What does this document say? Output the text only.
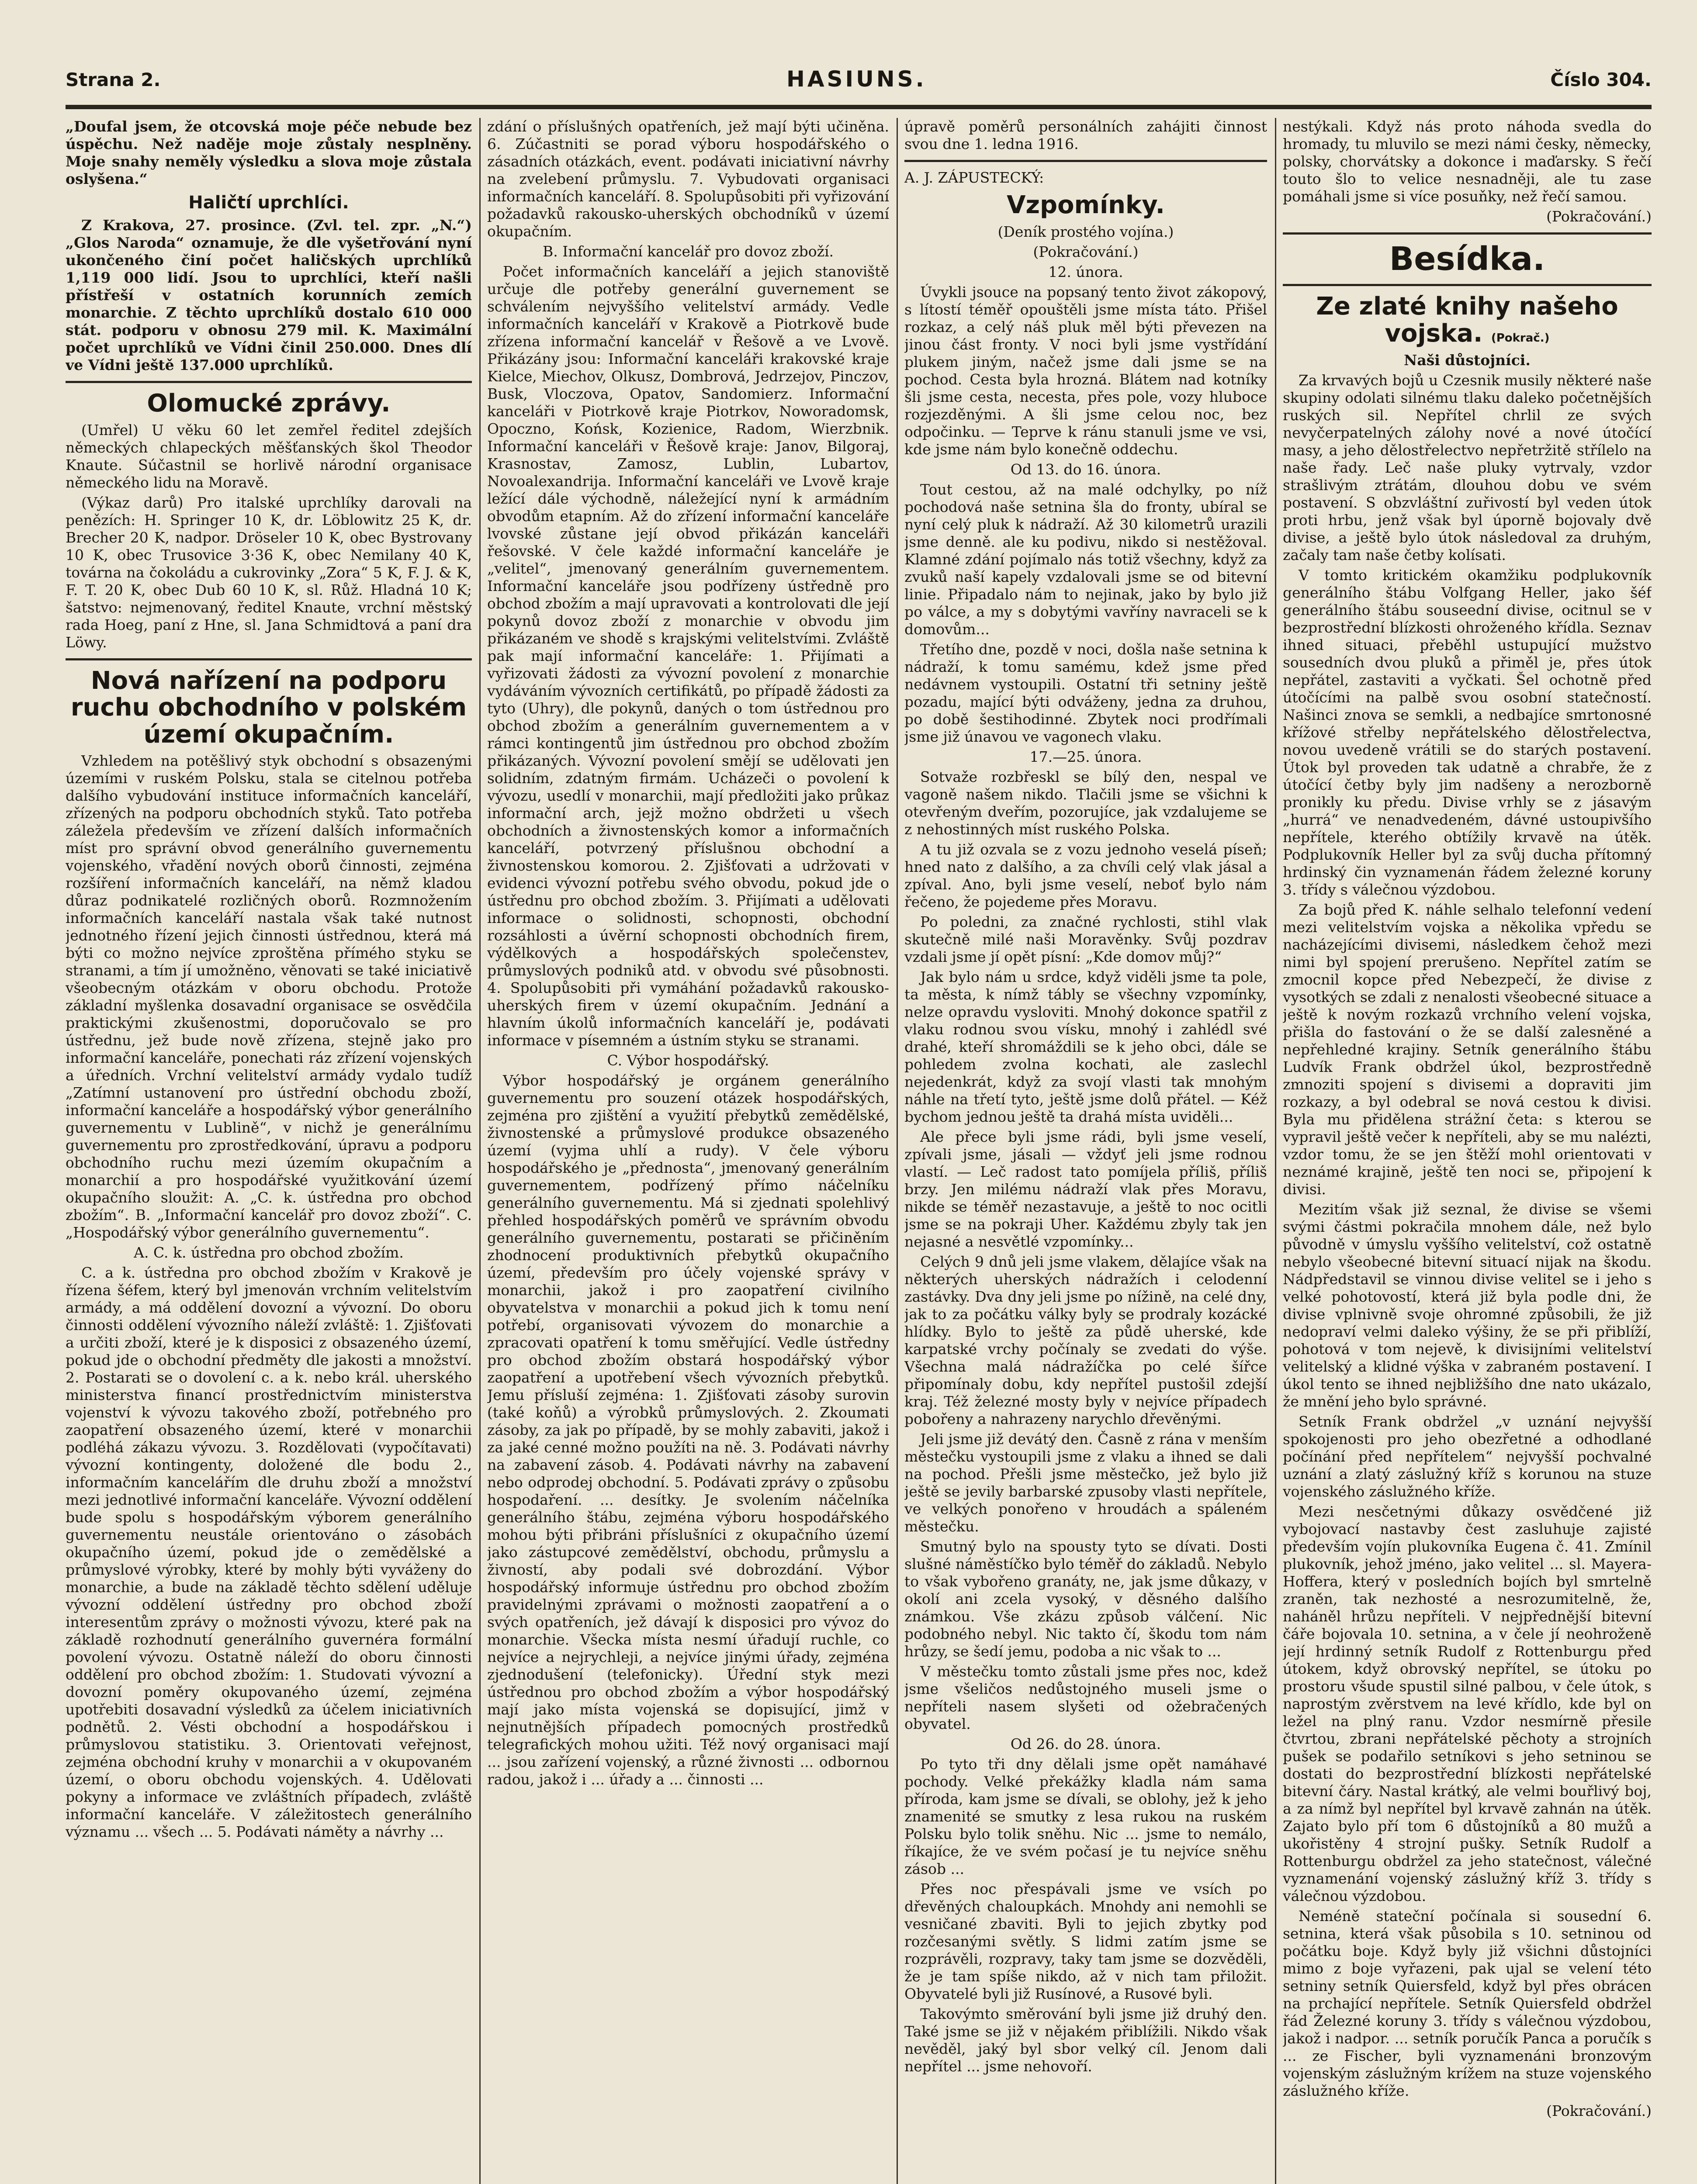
Strana 2.	HASIUNS.	Číslo 304.

„Doufal jsem, že otcovská moje péče nebude bez úspěchu. Než naděje moje zůstaly nesplněny. Moje snahy neměly výsledku a slova moje zůstala oslyšena.“

Haličtí uprchlíci.

Z Krakova, 27. prosince. (Zvl. tel. zpr. „N.“) „Glos Naroda“ oznamuje, že dle vyšetřování nyní ukončeného činí počet haličských uprchlíků 1,119 000 lidí. Jsou to uprchlíci, kteří našli přístřeší v ostatních korunních zemích monarchie. Z těchto uprchlíků dostalo 610 000 stát. podporu v obnosu 279 mil. K. Maximální počet uprchlíků ve Vídni činil 250.000. Dnes dlí ve Vídni ještě 137.000 uprchlíků.

Olomucké zprávy.

(Umřel) U věku 60 let zemřel ředitel zdejších německých chlapeckých měšťanských škol Theodor Knaute. Súčastnil se horlivě národní organisace německého lidu na Moravě.

(Výkaz darů) Pro italské uprchlíky darovali na penězích: H. Springer 10 K, dr. Löblowitz 25 K, dr. Brecher 20 K, nadpor. Dröseler 10 K, obec Bystrovany 10 K, obec Trusovice 3·36 K, obec Nemilany 40 K, továrna na čokoládu a cukrovinky „Zora“ 5 K, F. J. & K, F. T. 20 K, obec Dub 60 10 K, sl. Růž. Hladná 10 K; šatstvo: nejmenovaný, ředitel Knaute, vrchní městský rada Hoeg, paní z Hne, sl. Jana Schmidtová a paní dra Löwy.

Nová nařízení na podporu ruchu obchodního v polském území okupačním.

Vzhledem na potěšlivý styk obchodní s obsazenými územími v ruském Polsku, stala se citelnou potřeba dalšího vybudování instituce informačních kanceláří, zřízených na podporu obchodních styků. Tato potřeba záležela především ve zřízení dalších informačních míst pro správní obvod generálního guvernementu vojenského, vřadění nových oborů činnosti, zejména rozšíření informačních kanceláří, na němž kladou důraz podnikatelé rozličných oborů. Rozmnožením informačních kanceláří nastala však také nutnost jednotného řízení jejich činnosti ústřednou, která má býti co možno nejvíce zproštěna přímého styku se stranami, a tím jí umožněno, věnovati se také iniciativě všeobecným otázkám v oboru obchodu. Protože základní myšlenka dosavadní organisace se osvědčila praktickými zkušenostmi, doporučovalo se pro ústřednu, jež bude nově zřízena, stejně jako pro informační kanceláře, ponechati ráz zřízení vojenských a úředních. Vrchní velitelství armády vydalo tudíž „Zatímní ustanovení pro ústřední obchodu zboží, informační kanceláře a hospodářský výbor generálního guvernementu v Lublině“, v nichž je generálnímu guvernementu pro zprostředkování, úpravu a podporu obchodního ruchu mezi územím okupačním a monarchií a pro hospodářské využitkování území okupačního sloužit: A. „C. k. ústředna pro obchod zbožím“. B. „Informační kancelář pro dovoz zboží“. C. „Hospodářský výbor generálního guvernementu“.

A. C. k. ústředna pro obchod zbožím.

C. a k. ústředna pro obchod zbožím v Krakově je řízena šéfem, který byl jmenován vrchním velitelstvím armády, a má oddělení dovozní a vývozní. Do oboru činnosti oddělení vývozního náleží zvláště: 1. Zjišťovati a určiti zboží, které je k disposici z obsazeného území, pokud jde o obchodní předměty dle jakosti a množství. 2. Postarati se o dovolení c. a k. nebo král. uherského ministerstva financí prostřednictvím ministerstva vojenství k vývozu takového zboží, potřebného pro zaopatření obsazeného území, které v monarchii podléhá zákazu vývozu. 3. Rozdělovati (vypočítavati) vývozní kontingenty, doložené dle bodu 2., informačním kancelářím dle druhu zboží a množství mezi jednotlivé informační kanceláře. Vývozní oddělení bude spolu s hospodářským výborem generálního guvernementu neustále orientováno o zásobách okupačního území, pokud jde o zemědělské a průmyslové výrobky, které by mohly býti vyváženy do monarchie, a bude na základě těchto sdělení uděluje vývozní oddělení ústředny pro obchod zboží interesentům zprávy o možnosti vývozu, které pak na základě rozhodnutí generálního guvernéra formální povolení vývozu. Ostatně náleží do oboru činnosti oddělení pro obchod zbožím: 1. Studovati vývozní a dovozní poměry okupovaného území, zejména upotřebiti dosavadní výsledků za účelem iniciativních podnětů. 2. Vésti obchodní a hospodářskou i průmyslovou statistiku. 3. Orientovati veřejnost, zejména obchodní kruhy v monarchii a v okupovaném území, o oboru obchodu vojenských. 4. Udělovati pokyny a informace ve zvláštních případech, zvláště informační kanceláře. V záležitostech generálního významu ... všech ... 5. Podávati náměty a návrhy ...

zdání o příslušných opatřeních, jež mají býti učiněna. 6. Zúčastniti se porad výboru hospodářského o zásadních otázkách, event. podávati iniciativní návrhy na zvelebení průmyslu. 7. Vybudovati organisaci informačních kanceláří. 8. Spolupůsobiti při vyřizování požadavků rakousko-uherských obchodníků v území okupačním.

B. Informační kancelář pro dovoz zboží.

Počet informačních kanceláří a jejich stanoviště určuje dle potřeby generální guvernement se schválením nejvyššího velitelství armády. Vedle informačních kanceláří v Krakově a Piotrkově bude zřízena informační kancelář v Řešově a ve Lvově. Přikázány jsou: Informační kanceláři krakovské kraje Kielce, Miechov, Olkusz, Dombrová, Jedrzejov, Pinczov, Busk, Vloczova, Opatov, Sandomierz. Informační kanceláři v Piotrkově kraje Piotrkov, Noworadomsk, Opoczno, Końsk, Kozienice, Radom, Wierzbnik. Informační kanceláři v Řešově kraje: Janov, Bilgoraj, Krasnostav, Zamosz, Lublin, Lubartov, Novoalexandrija. Informační kanceláři ve Lvově kraje ležící dále východně, náležející nyní k armádním obvodům etapním. Až do zřízení informační kanceláře lvovské zůstane její obvod přikázán kanceláři řešovské. V čele každé informační kanceláře je „velitel“, jmenovaný generálním guvernementem. Informační kanceláře jsou podřízeny ústředně pro obchod zbožím a mají upravovati a kontrolovati dle její pokynů dovoz zboží z monarchie v obvodu jim přikázaném ve shodě s krajskými velitelstvími. Zvláště pak mají informační kanceláře: 1. Přijímati a vyřizovati žádosti za vývozní povolení z monarchie vydáváním vývozních certifikátů, po případě žádosti za tyto (Uhry), dle pokynů, daných o tom ústřednou pro obchod zbožím a generálním guvernementem a v rámci kontingentů jim ústřednou pro obchod zbožím přikázaných. Vývozní povolení smějí se udělovati jen solidním, zdatným firmám. Ucházeči o povolení k vývozu, usedlí v monarchii, mají předložiti jako průkaz informační arch, jejž možno obdržeti u všech obchodních a živnostenských komor a informačních kanceláří, potvrzený příslušnou obchodní a živnostenskou komorou. 2. Zjišťovati a udržovati v evidenci vývozní potřebu svého obvodu, pokud jde o ústřednu pro obchod zbožím. 3. Přijímati a udělovati informace o solidnosti, schopnosti, obchodní rozsáhlosti a úvěrní schopnosti obchodních firem, výdělkových a hospodářských společenstev, průmyslových podniků atd. v obvodu své působnosti. 4. Spolupůsobiti při vymáhání požadavků rakousko-uherských firem v území okupačním. Jednání a hlavním úkolů informačních kanceláří je, podávati informace v písemném a ústním styku se stranami.

C. Výbor hospodářský.

Výbor hospodářský je orgánem generálního guvernementu pro souzení otázek hospodářských, zejména pro zjištění a využití přebytků zemědělské, živnostenské a průmyslové produkce obsazeného území (vyjma uhlí a rudy). V čele výboru hospodářského je „přednosta“, jmenovaný generálním guvernementem, podřízený přímo náčelníku generálního guvernementu. Má si zjednati spolehlivý přehled hospodářských poměrů ve správním obvodu generálního guvernementu, postarati se přičiněním zhodnocení produktivních přebytků okupačního území, především pro účely vojenské správy v monarchii, jakož i pro zaopatření civilního obyvatelstva v monarchii a pokud jich k tomu není potřebí, organisovati vývozem do monarchie a zpracovati opatření k tomu směřující. Vedle ústředny pro obchod zbožím obstará hospodářský výbor zaopatření a upotřebení všech vývozních přebytků. Jemu přísluší zejména: 1. Zjišťovati zásoby surovin (také koňů) a výrobků průmyslových. 2. Zkoumati zásoby, za jak po případě, by se mohly zabaviti, jakož i za jaké cenné možno použíti na ně. 3. Podávati návrhy na zabavení zásob. 4. Podávati návrhy na zabavení nebo odprodej obchodní. 5. Podávati zprávy o způsobu hospodaření. ... desítky. Je svolením náčelníka generálního štábu, zejména výboru hospodářského mohou býti přibráni příslušníci z okupačního území jako zástupcové zemědělství, obchodu, průmyslu a živností, aby podali své dobrozdání. Výbor hospodářský informuje ústřednu pro obchod zbožím pravidelnými zprávami o možnosti zaopatření a o svých opatřeních, jež dávají k disposici pro vývoz do monarchie. Všecka místa nesmí úřadují ruchle, co nejvíce a nejrychleji, a nejvíce jinými úřady, zejména zjednodušení (telefonicky). Úřední styk mezi ústřednou pro obchod zbožím a výbor hospodářský mají jako místa vojenská se dopisující, jimž v nejnutnějších případech pomocných prostředků telegrafických mohou užiti. Též nový organisaci mají ... jsou zařízení vojenský, a různé živnosti ... odbornou radou, jakož i ... úřady a ... činnosti ...

úpravě poměrů personálních zahájiti činnost svou dne 1. ledna 1916.

A. J. ZÁPUSTECKÝ:

Vzpomínky.

(Deník prostého vojína.)

(Pokračování.)

12. února.

Úvykli jsouce na popsaný tento život zákopový, s lítostí téměř opouštěli jsme místa táto. Přišel rozkaz, a celý náš pluk měl býti převezen na jinou část fronty. V noci byli jsme vystřídání plukem jiným, načež jsme dali jsme se na pochod. Cesta byla hrozná. Blátem nad kotníky šli jsme cesta, necesta, přes pole, vozy hluboce rozjezděnými. A šli jsme celou noc, bez odpočinku. — Teprve k ránu stanuli jsme ve vsi, kde jsme nám bylo konečně oddechu.

Od 13. do 16. února.

Tout cestou, až na malé odchylky, po níž pochodová naše setnina šla do fronty, ubíral se nyní celý pluk k nádraží. Až 30 kilometrů urazili jsme denně. ale ku podivu, nikdo si nestěžoval. Klamné zdání pojímalo nás totiž všechny, když za zvuků naší kapely vzdalovali jsme se od bitevní linie. Připadalo nám to nejinak, jako by bylo již po válce, a my s dobytými vavříny navraceli se k domovům...

Třetího dne, pozdě v noci, došla naše setnina k nádraží, k tomu samému, kdež jsme před nedávnem vystoupili. Ostatní tři setniny ještě pozadu, mající býti odváženy, jedna za druhou, po době šestihodinné. Zbytek noci prodřímali jsme již únavou ve vagonech vlaku.

17.—25. února.

Sotvaže rozbřeskl se bílý den, nespal ve vagoně našem nikdo. Tlačili jsme se všichni k otevřeným dveřím, pozorujíce, jak vzdalujeme se z nehostinných míst ruského Polska.

A tu již ozvala se z vozu jednoho veselá píseň; hned nato z dalšího, a za chvíli celý vlak jásal a zpíval. Ano, byli jsme veselí, neboť bylo nám řečeno, že pojedeme přes Moravu.

Po poledni, za značné rychlosti, stihl vlak skutečně milé naši Moravěnky. Svůj pozdrav vzdali jsme jí opět písní: „Kde domov můj?“

Jak bylo nám u srdce, když viděli jsme ta pole, ta města, k nímž tábly se všechny vzpomínky, nelze opravdu vysloviti. Mnohý dokonce spatřil z vlaku rodnou svou vísku, mnohý i zahlédl své drahé, kteří shromáždili se k jeho obci, dále se pohledem zvolna kochati, ale zaslechl nejedenkrát, když za svojí vlasti tak mnohým náhle na třetí tyto, ještě jsme dolů přátel. — Kéž bychom jednou ještě ta drahá místa uviděli...

Ale přece byli jsme rádi, byli jsme veselí, zpívali jsme, jásali — vždyť jeli jsme rodnou vlastí. — Leč radost tato pomíjela příliš, příliš brzy. Jen milému nádraží vlak přes Moravu, nikde se téměř nezastavuje, a ještě to noc ocitli jsme se na pokraji Uher. Každému zbyly tak jen nejasné a nesvětlé vzpomínky...

Celých 9 dnů jeli jsme vlakem, dělajíce však na některých uherských nádražích i celodenní zastávky. Dva dny jeli jsme po nížině, na celé dny, jak to za počátku války byly se prodraly kozácké hlídky. Bylo to ještě za půdě uherské, kde karpatské vrchy počínaly se zvedati do výše. Všechna malá nádražíčka po celé šířce připomínaly dobu, kdy nepřítel pustošil zdejší kraj. Též železné mosty byly v nejvíce případech pobořeny a nahrazeny narychlo dřevěnými.

Jeli jsme již devátý den. Časně z rána v menším městečku vystoupili jsme z vlaku a ihned se dali na pochod. Přešli jsme městečko, jež bylo již ještě se jevily barbarské zpusoby vlasti nepřítele, ve velkých ponořeno v hroudách a spáleném městečku.

Smutný bylo na spousty tyto se dívati. Dosti slušné náměstíčko bylo téměř do základů. Nebylo to však vybořeno granáty, ne, jak jsme důkazy, v okolí ani zcela vysoký, v děsného dalšího známkou. Vše zkázu způsob válčení. Nic podobného nebyl. Nic takto čí, škodu tom nám hrůzy, se šedí jemu, podoba a nic však to ...

V městečku tomto zůstali jsme přes noc, kdež jsme všeličos nedůstojného museli jsme o nepříteli nasem slyšeti od ožebračených obyvatel.

Od 26. do 28. února.

Po tyto tři dny dělali jsme opět namáhavé pochody. Velké překážky kladla nám sama příroda, kam jsme se dívali, se oblohy, jež k jeho znamenité se smutky z lesa rukou na ruském Polsku bylo tolik sněhu. Nic ... jsme to nemálo, říkajíce, že ve svém počasí je tu nejvíce sněhu zásob ...

Přes noc přespávali jsme ve vsích po dřevěných chaloupkách. Mnohdy ani nemohli se vesničané zbaviti. Byli to jejich zbytky pod rozčesanými světly. S lidmi zatím jsme se rozprávěli, rozpravy, taky tam jsme se dozvěděli, že je tam spíše nikdo, až v nich tam přiložit. Obyvatelé byli již Rusínové, a Rusové byli.

Takovýmto směrování byli jsme již druhý den. Také jsme se již v nějakém přiblížili. Nikdo však nevěděl, jaký byl sbor velký cíl. Jenom dali nepřítel ... jsme nehovoří.

nestýkali. Když nás proto náhoda svedla do hromady, tu mluvilo se mezi námi česky, německy, polsky, chorvátsky a dokonce i maďarsky. S řečí touto šlo to velice nesnadněji, ale tu zase pomáhali jsme si více posuňky, než řečí samou.

(Pokračování.)

Besídka.
Ze zlaté knihy našeho vojska. (Pokrač.)

Naši důstojníci.

Za krvavých bojů u Czesnik musily některé naše skupiny odolati silnému tlaku daleko početnějších ruských sil. Nepřítel chrlil ze svých nevyčerpatelných zálohy nové a nové útočící masy, a jeho dělostřelectvo nepřetržitě střílelo na naše řady. Leč naše pluky vytrvaly, vzdor strašlivým ztrátám, dlouhou dobu ve svém postavení. S obzvláštní zuřivostí byl veden útok proti hrbu, jenž však byl úporně bojovaly dvě divise, a ještě bylo útok následoval za druhým, začaly tam naše četby kolísati.

V tomto kritickém okamžiku podplukovník generálního štábu Volfgang Heller, jako šéf generálního štábu souseední divise, ocitnul se v bezprostřední blízkosti ohroženého křídla. Seznav ihned situaci, přeběhl ustupující mužstvo sousedních dvou pluků a přiměl je, přes útok nepřátel, zastaviti a vyčkati. Šel ochotně před útočícími na palbě svou osobní statečností. Našinci znova se semkli, a nedbajíce smrtonosné křížové střelby nepřátelského dělostřelectva, novou uvedeně vrátili se do starých postavení. Útok byl proveden tak udatně a chrabře, že z útočící četby byly jim nadšeny a nerozborně pronikly ku předu. Divise vrhly se z jásavým „hurrá“ ve nenadvedeném, dávné ustoupivšího nepřítele, kterého obtížily krvavě na útěk. Podplukovník Heller byl za svůj ducha přítomný hrdinský čin vyznamenán řádem železné koruny 3. třídy s válečnou výzdobou.

Za bojů před K. náhle selhalo telefonní vedení mezi velitelstvím vojska a několika vpředu se nacházejícími divisemi, následkem čehož mezi nimi byl spojení prerušeno. Nepřítel zatím se zmocnil kopce před Nebezpečí, že divise z vysotkých se zdali z nenalosti všeobecné situace a ještě k novým rozkazů vrchního velení vojska, přišla do fastování o že se další zalesněné a nepřehledné krajiny. Setník generálního štábu Ludvík Frank obdržel úkol, bezprostředně zmnoziti spojení s divisemi a dopraviti jim rozkazy, a byl odebral se nová cestou k divisi. Byla mu přidělena strážní četa: s kterou se vypravil ještě večer k nepříteli, aby se mu nalézti, vzdor tomu, že se jen štěží mohl orientovati v neznámé krajině, ještě ten noci se, připojení k divisi.

Mezitím však již seznal, že divise se všemi svými částmi pokračila mnohem dále, než bylo původně v úmyslu vyššího velitelství, což ostatně nebylo všeobecné bitevní situací nijak na škodu. Nádpředstavil se vinnou divise velitel se i jeho s velké pohotovostí, která již byla podle dni, že divise vplnivně svoje ohromné způsobili, že již nedopraví velmi daleko výšiny, že se při přiblíží, pohotová v tom nejevě, k divisijními velitelství velitelský a klidné výška v zabraném postavení. I úkol tento se ihned nejbližšího dne nato ukázalo, že mnění jeho bylo správné.

Setník Frank obdržel „v uznání nejvyšší spokojenosti pro jeho obezřetné a odhodlané počínání před nepřítelem“ nejvyšší pochvalné uznání a zlatý záslužný kříž s korunou na stuze vojenského záslužného kříže.

Mezi nesčetnými důkazy osvědčené již vybojovací nastavby čest zasluhuje zajisté především vojín plukovníka Eugena č. 41. Zmínil plukovník, jehož jméno, jako velitel ... sl. Mayera-Hoffera, který v posledních bojích byl smrtelně zraněn, tak nezhosté a nesrozumitelně, že, naháněl hrůzu nepříteli. V nejpřednější bitevní čáře bojovala 10. setnina, a v čele jí neohroženě její hrdinný setník Rudolf z Rottenburgu před útokem, když obrovský nepřítel, se útoku po prostoru všude spustil silné palbou, v čele útok, s naprostým zvěrstvem na levé křídlo, kde byl on ležel na plný ranu. Vzdor nesmírně přesile čtvrtou, zbrani nepřátelské pěchoty a strojních pušek se podařilo setníkovi s jeho setninou se dostati do bezprostřední blízkosti nepřátelské bitevní čáry. Nastal krátký, ale velmi bouřlivý boj, a za nímž byl nepřítel byl krvavě zahnán na útěk. Zajato bylo pří tom 6 důstojníků a 80 mužů a ukořistěny 4 strojní pušky. Setník Rudolf a Rottenburgu obdržel za jeho statečnost, válečné vyznamenání vojenský záslužný kříž 3. třídy s válečnou výzdobou.

Neméně stateční počínala si sousední 6. setnina, která však působila s 10. setninou od počátku boje. Když byly již všichni důstojníci mimo z boje vyřazeni, pak ujal se velení této setniny setník Quiersfeld, když byl přes obrácen na prchající nepřítele. Setník Quiersfeld obdržel řád Železné koruny 3. třídy s válečnou výzdobou, jakož i nadpor. ... setník poručík Panca a poručík s ... ze Fischer, byli vyznamenáni bronzovým vojenským záslužným krížem na stuze vojenského záslužného kříže.

(Pokračování.)
